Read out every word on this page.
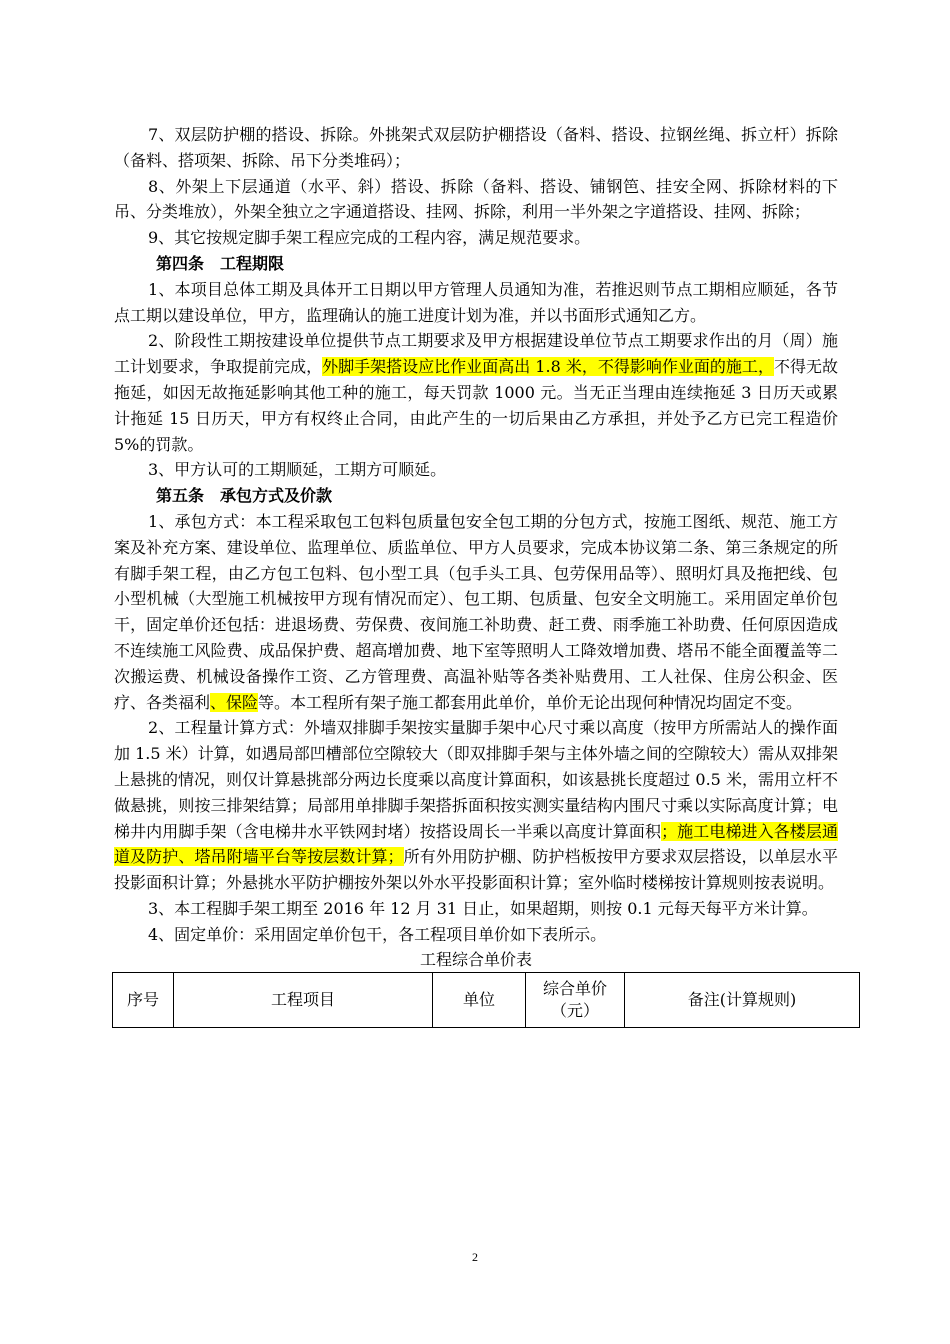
7、双层防护棚的搭设、拆除。外挑架式双层防护棚搭设（备料、搭设、拉钢丝绳、拆立杆）拆除（备料、搭项架、拆除、吊下分类堆码）；

8、外架上下层通道（水平、斜）搭设、拆除（备料、搭设、铺钢笆、挂安全网、拆除材料的下吊、分类堆放），外架全独立之字通道搭设、挂网、拆除，利用一半外架之字道搭设、挂网、拆除；

9、其它按规定脚手架工程应完成的工程内容，满足规范要求。

第四条　工程期限

1、本项目总体工期及具体开工日期以甲方管理人员通知为准，若推迟则节点工期相应顺延，各节点工期以建设单位，甲方，监理确认的施工进度计划为准，并以书面形式通知乙方。

2、阶段性工期按建设单位提供节点工期要求及甲方根据建设单位节点工期要求作出的月（周）施工计划要求，争取提前完成，外脚手架搭设应比作业面高出 1.8 米，不得影响作业面的施工，不得无故拖延，如因无故拖延影响其他工种的施工，每天罚款 1000 元。当无正当理由连续拖延 3 日历天或累计拖延 15 日历天，甲方有权终止合同，由此产生的一切后果由乙方承担，并处予乙方已完工程造价 5%的罚款。

3、甲方认可的工期顺延，工期方可顺延。

第五条　承包方式及价款

1、承包方式：本工程采取包工包料包质量包安全包工期的分包方式，按施工图纸、规范、施工方案及补充方案、建设单位、监理单位、质监单位、甲方人员要求，完成本协议第二条、第三条规定的所有脚手架工程，由乙方包工包料、包小型工具（包手头工具、包劳保用品等）、照明灯具及拖把线、包小型机械（大型施工机械按甲方现有情况而定）、包工期、包质量、包安全文明施工。采用固定单价包干，固定单价还包括：进退场费、劳保费、夜间施工补助费、赶工费、雨季施工补助费、任何原因造成不连续施工风险费、成品保护费、超高增加费、地下室等照明人工降效增加费、塔吊不能全面覆盖等二次搬运费、机械设备操作工资、乙方管理费、高温补贴等各类补贴费用、工人社保、住房公积金、医疗、各类福利、保险等。本工程所有架子施工都套用此单价，单价无论出现何种情况均固定不变。

2、工程量计算方式：外墙双排脚手架按实量脚手架中心尺寸乘以高度（按甲方所需站人的操作面加 1.5 米）计算，如遇局部凹槽部位空隙较大（即双排脚手架与主体外墙之间的空隙较大）需从双排架上悬挑的情况，则仅计算悬挑部分两边长度乘以高度计算面积，如该悬挑长度超过 0.5 米，需用立杆不做悬挑，则按三排架结算；局部用单排脚手架搭拆面积按实测实量结构内围尺寸乘以实际高度计算；电梯井内用脚手架（含电梯井水平铁网封堵）按搭设周长一半乘以高度计算面积；施工电梯进入各楼层通道及防护、塔吊附墙平台等按层数计算；所有外用防护棚、防护档板按甲方要求双层搭设，以单层水平投影面积计算；外悬挑水平防护棚按外架以外水平投影面积计算；室外临时楼梯按计算规则按表说明。

3、本工程脚手架工期至 2016 年 12 月 31 日止，如果超期，则按 0.1 元每天每平方米计算。

4、固定单价：采用固定单价包干，各工程项目单价如下表所示。

工程综合单价表

序号	工程项目	单位	综合单价（元）	备注(计算规则)
2
